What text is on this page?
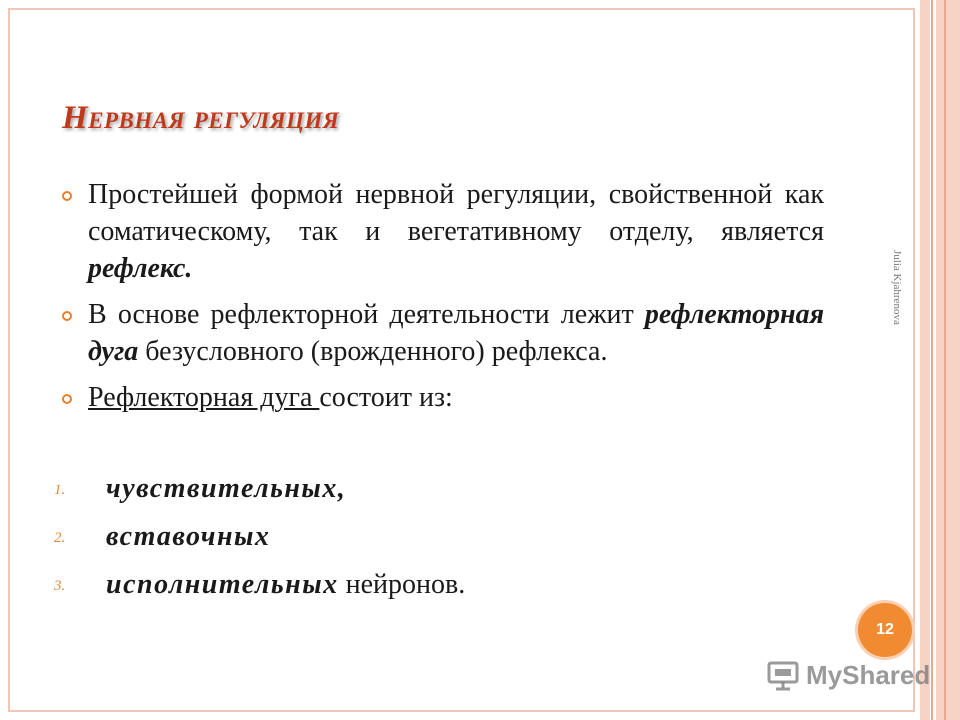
Нервная регуляция
Простейшей формой нервной регуляции, свойственной как соматическому, так и вегетативному отделу, является рефлекс.
В основе рефлекторной деятельности лежит рефлекторная дуга безусловного (врожденного) рефлекса.
Рефлекторная дуга состоит из:
1. чувствительных,
2. вставочных
3. исполнительных нейронов.
Julia Kjahrenova
12
MyShared
